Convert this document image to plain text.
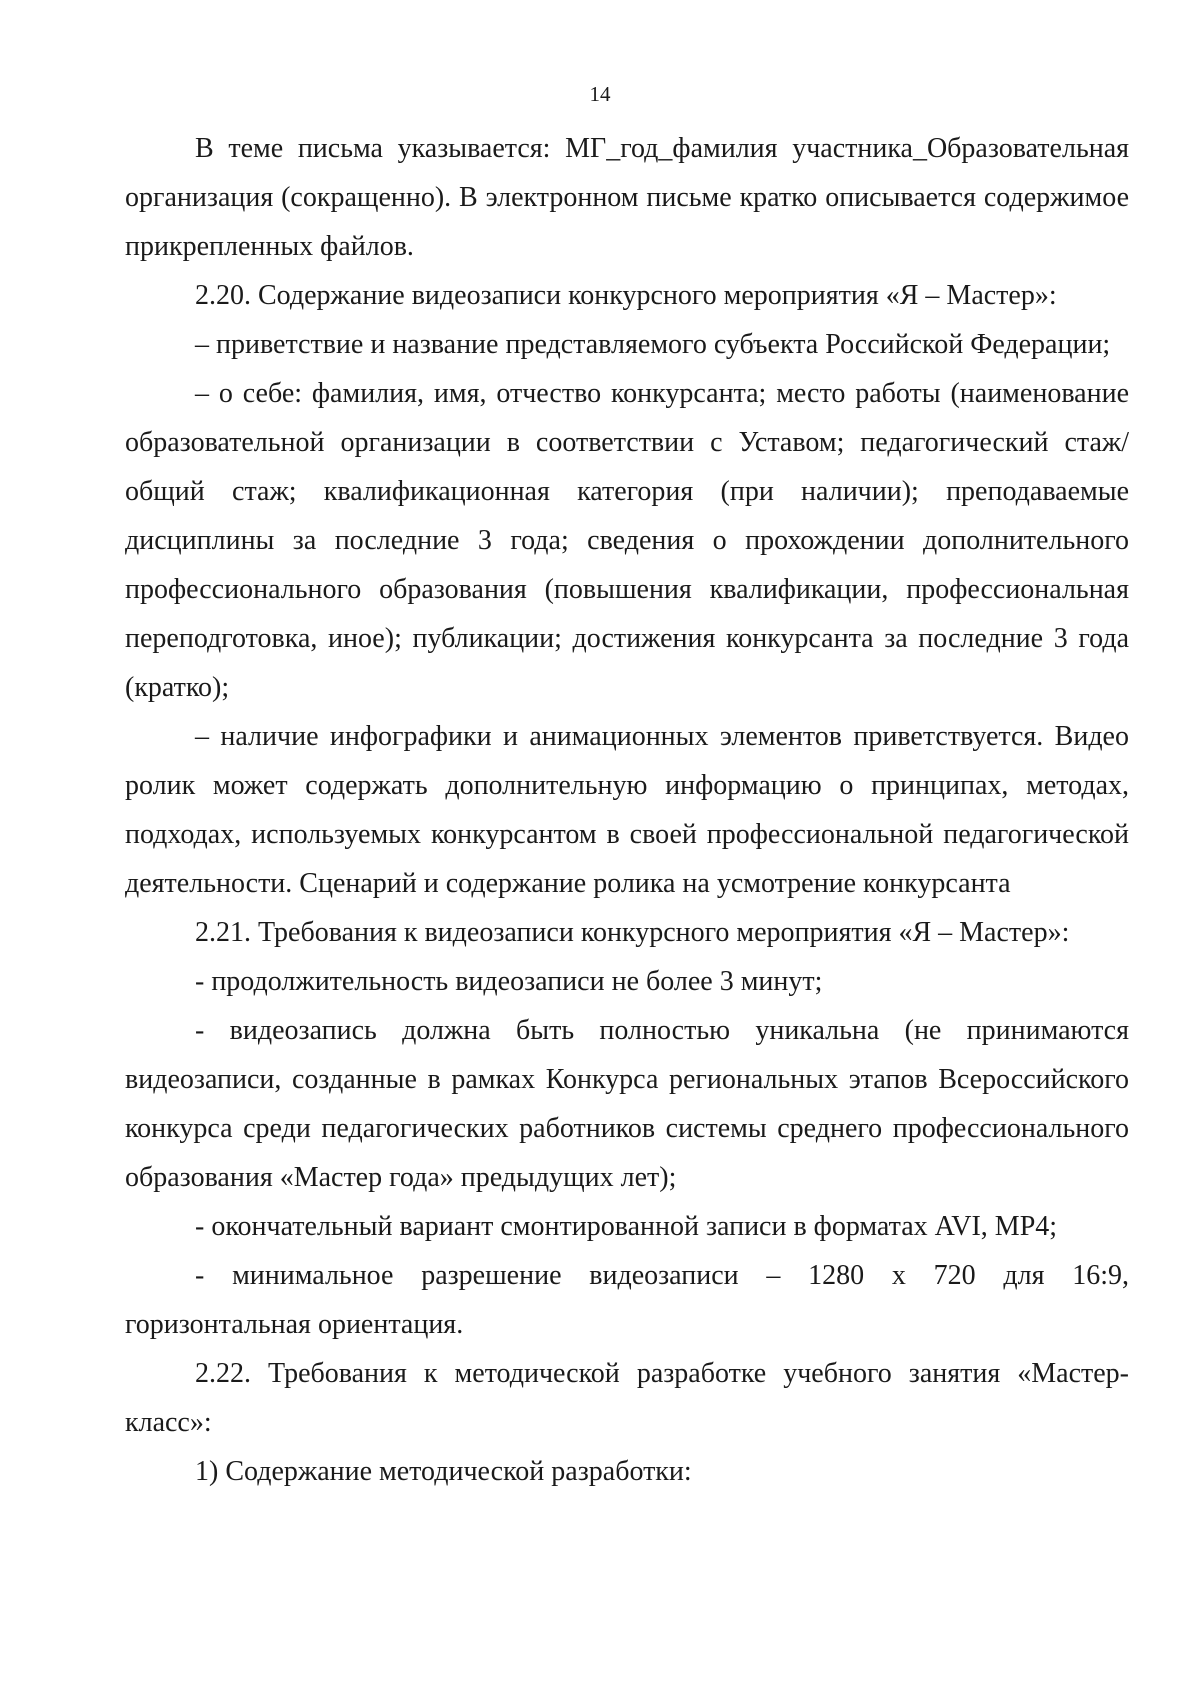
14

В теме письма указывается: МГ_год_фамилия участника_Образовательная организация (сокращенно). В электронном письме кратко описывается содержимое прикрепленных файлов.

2.20. Содержание видеозаписи конкурсного мероприятия «Я – Мастер»:

– приветствие и название представляемого субъекта Российской Федерации;

– о себе: фамилия, имя, отчество конкурсанта; место работы (наименование образовательной организации в соответствии с Уставом; педагогический стаж/общий стаж; квалификационная категория (при наличии); преподаваемые дисциплины за последние 3 года; сведения о прохождении дополнительного профессионального образования (повышения квалификации, профессиональная переподготовка, иное); публикации; достижения конкурсанта за последние 3 года (кратко);

– наличие инфографики и анимационных элементов приветствуется. Видео ролик может содержать дополнительную информацию о принципах, методах, подходах, используемых конкурсантом в своей профессиональной педагогической деятельности. Сценарий и содержание ролика на усмотрение конкурсанта

2.21. Требования к видеозаписи конкурсного мероприятия «Я – Мастер»:

- продолжительность видеозаписи не более 3 минут;

- видеозапись должна быть полностью уникальна (не принимаются видеозаписи, созданные в рамках Конкурса региональных этапов Всероссийского конкурса среди педагогических работников системы среднего профессионального образования «Мастер года» предыдущих лет);

- окончательный вариант смонтированной записи в форматах AVI, MP4;

- минимальное разрешение видеозаписи – 1280 x 720 для 16:9, горизонтальная ориентация.

2.22. Требования к методической разработке учебного занятия «Мастер-класс»:

1) Содержание методической разработки:
